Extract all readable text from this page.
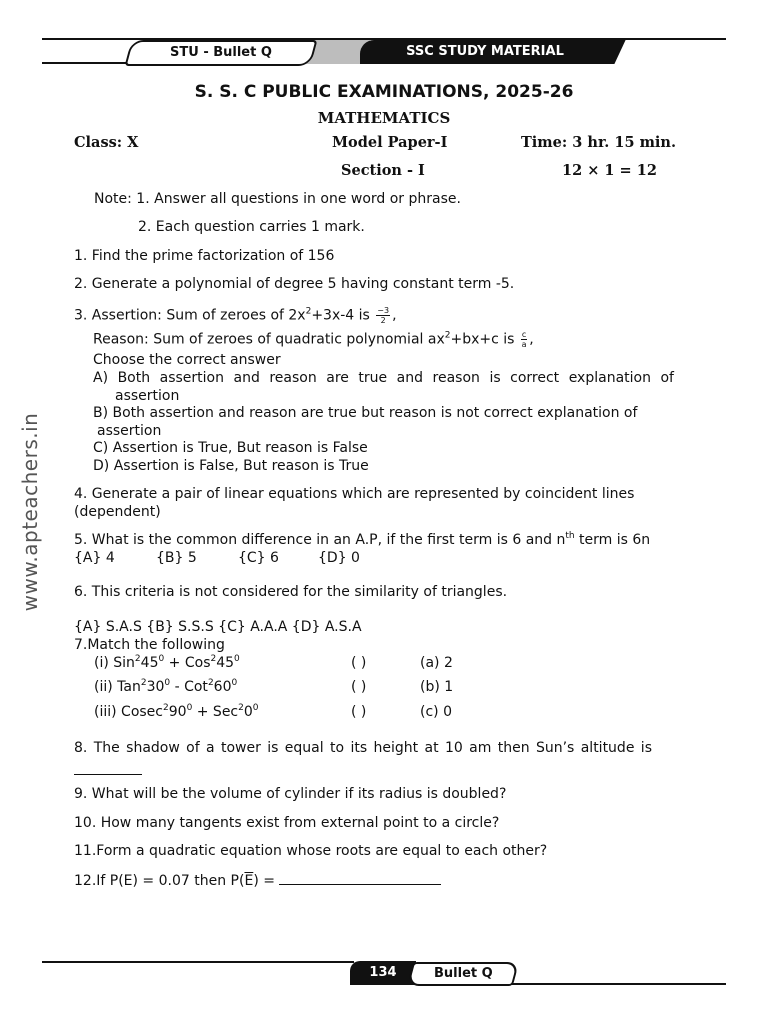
STU - Bullet Q	SSC STUDY MATERIAL
www.apteachers.in
S. S. C PUBLIC EXAMINATIONS, 2025-26
MATHEMATICS
Class: X	Model Paper-I	Time: 3 hr. 15 min.
Section - I	12 × 1 = 12
Note: 1. Answer all questions in one word or phrase.
2. Each question carries 1 mark.
1. Find the prime factorization of 156
2. Generate a polynomial of degree 5 having constant term -5.
3. Assertion: Sum of zeroes of $2x^2+3x-4$ is $\frac{-3}{2}$ ,
Reason: Sum of zeroes of quadratic polynomial $ax^2+bx+c$ is $\frac{c}{a}$ ,
Choose the correct answer
A) Both assertion and reason are true and reason is correct explanation of
assertion
B) Both assertion and reason are true but reason is not correct explanation of
assertion
C) Assertion is True, But reason is False
D) Assertion is False, But reason is True
4. Generate a pair of linear equations which are represented by coincident lines
(dependent)
5. What is the common difference in an A.P, if the first term is 6 and $n^{th}$ term is 6n
{A} 4	{B} 5	{C} 6	{D} 0
6. This criteria is not considered for the similarity of triangles.
{A} S.A.S {B} S.S.S {C} A.A.A {D} A.S.A
7.Match the following
(i) $Sin^245^0 + Cos^245^0$	( )	(a) 2
(ii) $Tan^230^0 - Cot^260^0$	( )	(b) 1
(iii) $Cosec^290^0 + Sec^20^0$	( )	(c) 0
8. The shadow of a tower is equal to its height at 10 am then Sun’s altitude is
9. What will be the volume of cylinder if its radius is doubled?
10. How many tangents exist from external point to a circle?
11.Form a quadratic equation whose roots are equal to each other?
12.If P(E) = 0.07 then $P(\overline{E})$ =
134	Bullet Q
